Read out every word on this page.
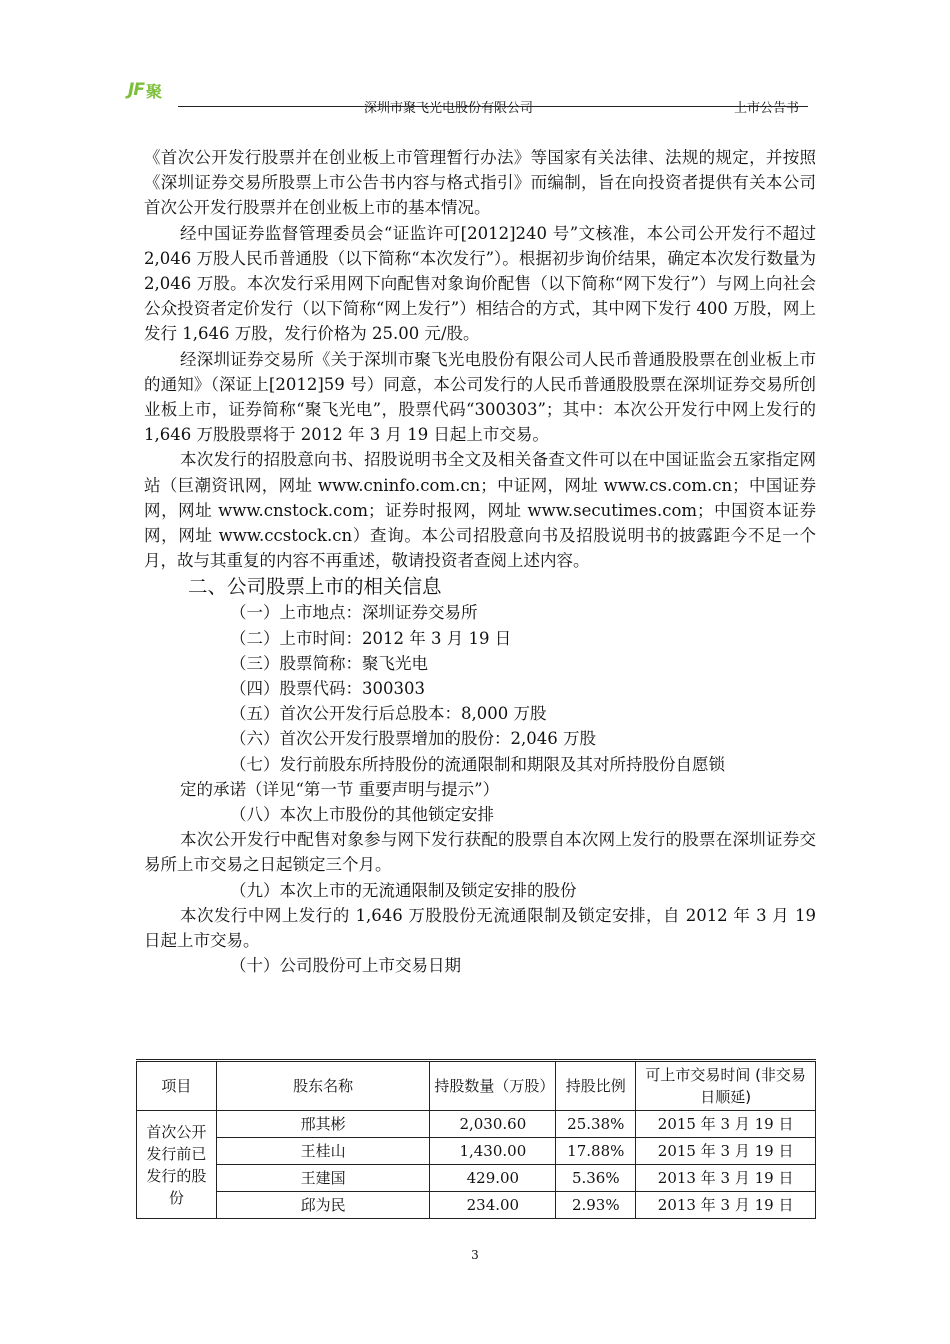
JF 聚
深圳市聚飞光电股份有限公司	上市公告书

《首次公开发行股票并在创业板上市管理暂行办法》等国家有关法律、法规的规定，并按照《深圳证券交易所股票上市公告书内容与格式指引》而编制，旨在向投资者提供有关本公司首次公开发行股票并在创业板上市的基本情况。

经中国证券监督管理委员会“证监许可[2012]240 号”文核准，本公司公开发行不超过 2,046 万股人民币普通股（以下简称“本次发行”）。根据初步询价结果，确定本次发行数量为 2,046 万股。本次发行采用网下向配售对象询价配售（以下简称“网下发行”）与网上向社会公众投资者定价发行（以下简称“网上发行”）相结合的方式，其中网下发行 400 万股，网上发行 1,646 万股，发行价格为 25.00 元/股。

经深圳证券交易所《关于深圳市聚飞光电股份有限公司人民币普通股股票在创业板上市的通知》（深证上[2012]59 号）同意，本公司发行的人民币普通股股票在深圳证券交易所创业板上市，证券简称“聚飞光电”，股票代码“300303”；其中：本次公开发行中网上发行的 1,646 万股股票将于 2012 年 3 月 19 日起上市交易。

本次发行的招股意向书、招股说明书全文及相关备查文件可以在中国证监会五家指定网站（巨潮资讯网，网址 www.cninfo.com.cn；中证网，网址 www.cs.com.cn；中国证券网，网址 www.cnstock.com；证券时报网，网址 www.secutimes.com；中国资本证券网，网址 www.ccstock.cn）查询。本公司招股意向书及招股说明书的披露距今不足一个月，故与其重复的内容不再重述，敬请投资者查阅上述内容。

二、公司股票上市的相关信息

（一）上市地点：深圳证券交易所

（二）上市时间：2012 年 3 月 19 日

（三）股票简称：聚飞光电

（四）股票代码：300303

（五）首次公开发行后总股本：8,000 万股

（六）首次公开发行股票增加的股份：2,046 万股

（七）发行前股东所持股份的流通限制和期限及其对所持股份自愿锁

定的承诺（详见“第一节 重要声明与提示”）

（八）本次上市股份的其他锁定安排

本次公开发行中配售对象参与网下发行获配的股票自本次网上发行的股票在深圳证券交易所上市交易之日起锁定三个月。

（九）本次上市的无流通限制及锁定安排的股份

本次发行中网上发行的 1,646 万股股份无流通限制及锁定安排，自 2012 年 3 月 19 日起上市交易。

（十）公司股份可上市交易日期

项目	股东名称	持股数量（万股）	持股比例	可上市交易时间 (非交易日顺延)
首次公开发行前已发行的股份	邢其彬	2,030.60	25.38%	2015 年 3 月 19 日
	王桂山	1,430.00	17.88%	2015 年 3 月 19 日
	王建国	429.00	5.36%	2013 年 3 月 19 日
	邱为民	234.00	2.93%	2013 年 3 月 19 日
3
